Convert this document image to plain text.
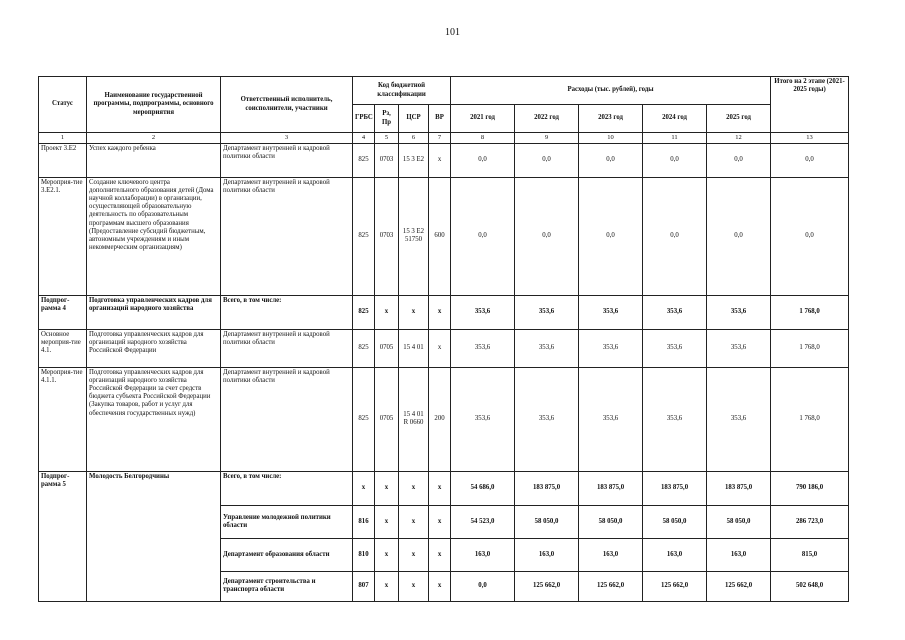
101
Статус	Наименование государственной программы, подпрограммы, основного мероприятия	Ответственный исполнитель, соисполнители, участники	Код бюджетной классификации				Расходы (тыс. рублей), годы					Итого на 2 этапе (2021-2025 годы)
			ГРБС	Рз, Пр	ЦСР	ВР	2021 год	2022 год	2023 год	2024 год	2025 год	
1	2	3	4	5	6	7	8	9	10	11	12	13
Проект 3.Е2	Успех каждого ребенка	Департамент внутренней и кадровой политики области	825	0703	15 3 Е2	х	0,0	0,0	0,0	0,0	0,0	0,0
Мероприя-тие 3.Е2.1.	Создание ключевого центра дополнительного образования детей (Дома научной коллаборации) в организации, осуществляющей образовательную деятельность по образовательным программам высшего образования (Предоставление субсидий бюджетным, автономным учреждениям и иным некоммерческим организациям)	Департамент внутренней и кадровой политики области	825	0703	15 3 Е2 51750	600	0,0	0,0	0,0	0,0	0,0	0,0
Подпрог-рамма 4	Подготовка управленческих кадров для организаций народного хозяйства	Всего, в том числе:	825	х	х	х	353,6	353,6	353,6	353,6	353,6	1 768,0
Основное мероприя-тие 4.1.	Подготовка управленческих кадров для организаций народного хозяйства Российской Федерации	Департамент внутренней и кадровой политики области	825	0705	15 4 01	х	353,6	353,6	353,6	353,6	353,6	1 768,0
Мероприя-тие 4.1.1.	Подготовка управленческих кадров для организаций народного хозяйства Российской Федерации за счет средств бюджета субъекта Российской Федерации (Закупка товаров, работ и услуг для обеспечения государственных нужд)	Департамент внутренней и кадровой политики области	825	0705	15 4 01 R 0660	200	353,6	353,6	353,6	353,6	353,6	1 768,0
Подпрог-рамма 5	Молодость Белгородчины	Всего, в том числе:	х	х	х	х	54 686,0	183 875,0	183 875,0	183 875,0	183 875,0	790 186,0
		Управление молодежной политики области	816	х	х	х	54 523,0	58 050,0	58 050,0	58 050,0	58 050,0	286 723,0
		Департамент образования области	810	х	х	х	163,0	163,0	163,0	163,0	163,0	815,0
		Департамент строительства и транспорта области	807	х	х	х	0,0	125 662,0	125 662,0	125 662,0	125 662,0	502 648,0
